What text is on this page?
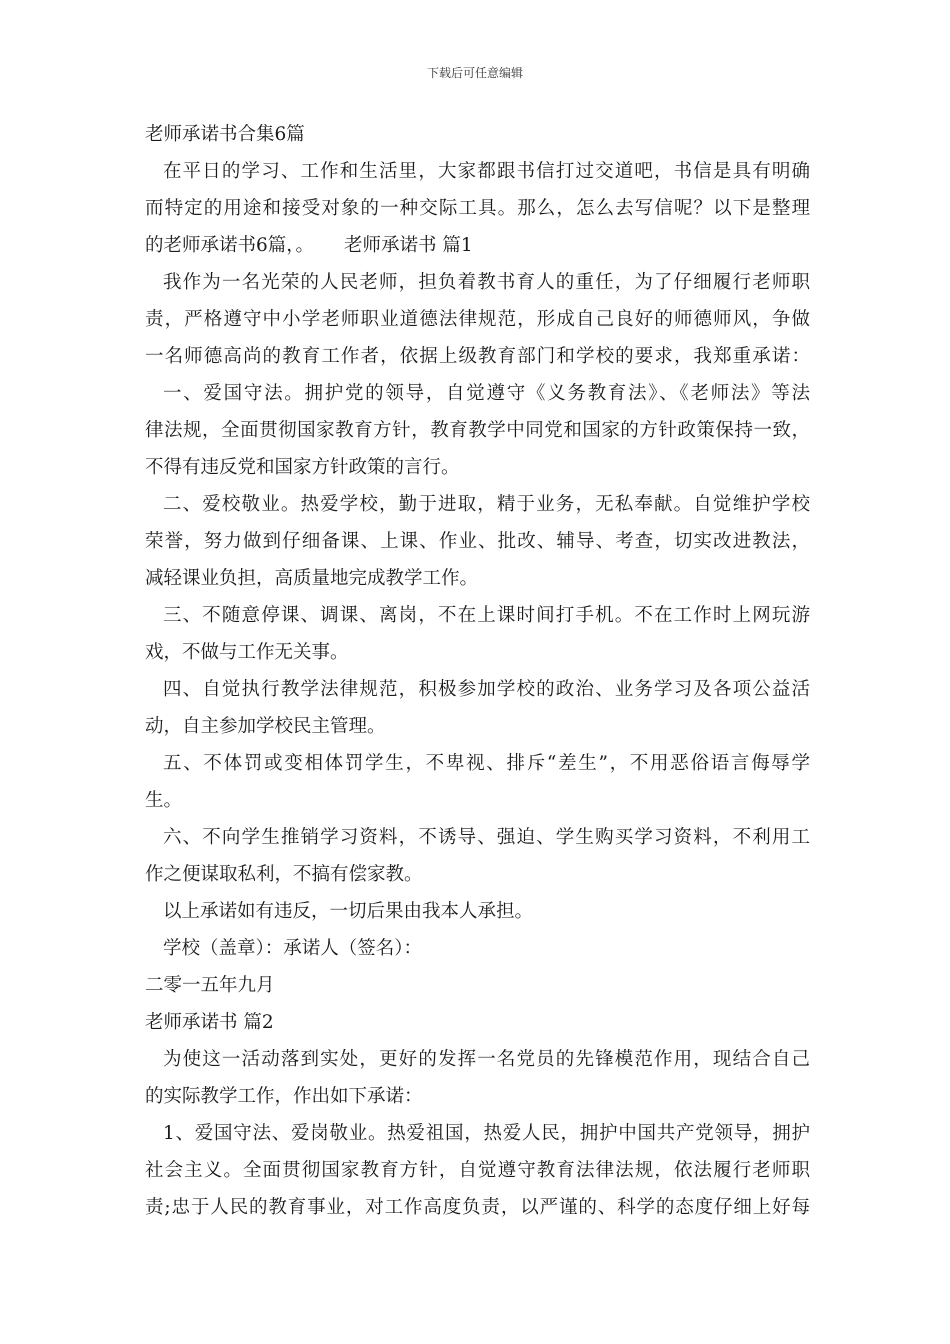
下载后可任意编辑
老师承诺书合集6篇
在平日的学习、工作和生活里，大家都跟书信打过交道吧，书信是具有明确
而特定的用途和接受对象的一种交际工具。那么，怎么去写信呢？以下是整理
的老师承诺书6篇，。 老师承诺书 篇1
我作为一名光荣的人民老师，担负着教书育人的重任，为了仔细履行老师职
责，严格遵守中小学老师职业道德法律规范，形成自己良好的师德师风，争做
一名师德高尚的教育工作者，依据上级教育部门和学校的要求，我郑重承诺：
一、爱国守法。拥护党的领导，自觉遵守《义务教育法》、《老师法》等法
律法规，全面贯彻国家教育方针，教育教学中同党和国家的方针政策保持一致，
不得有违反党和国家方针政策的言行。
二、爱校敬业。热爱学校，勤于进取，精于业务，无私奉献。自觉维护学校
荣誉，努力做到仔细备课、上课、作业、批改、辅导、考查，切实改进教法，
减轻课业负担，高质量地完成教学工作。
三、不随意停课、调课、离岗，不在上课时间打手机。不在工作时上网玩游
戏，不做与工作无关事。
四、自觉执行教学法律规范，积极参加学校的政治、业务学习及各项公益活
动，自主参加学校民主管理。
五、不体罚或变相体罚学生，不卑视、排斥“差生”，不用恶俗语言侮辱学
生。
六、不向学生推销学习资料，不诱导、强迫、学生购买学习资料，不利用工
作之便谋取私利，不搞有偿家教。
以上承诺如有违反，一切后果由我本人承担。
学校（盖章）：承诺人（签名）：
二零一五年九月
老师承诺书 篇2
为使这一活动落到实处，更好的发挥一名党员的先锋模范作用，现结合自己
的实际教学工作，作出如下承诺：
1、爱国守法、爱岗敬业。热爱祖国，热爱人民，拥护中国共产党领导，拥护
社会主义。全面贯彻国家教育方针，自觉遵守教育法律法规，依法履行老师职
责;忠于人民的教育事业，对工作高度负责，以严谨的、科学的态度仔细上好每
